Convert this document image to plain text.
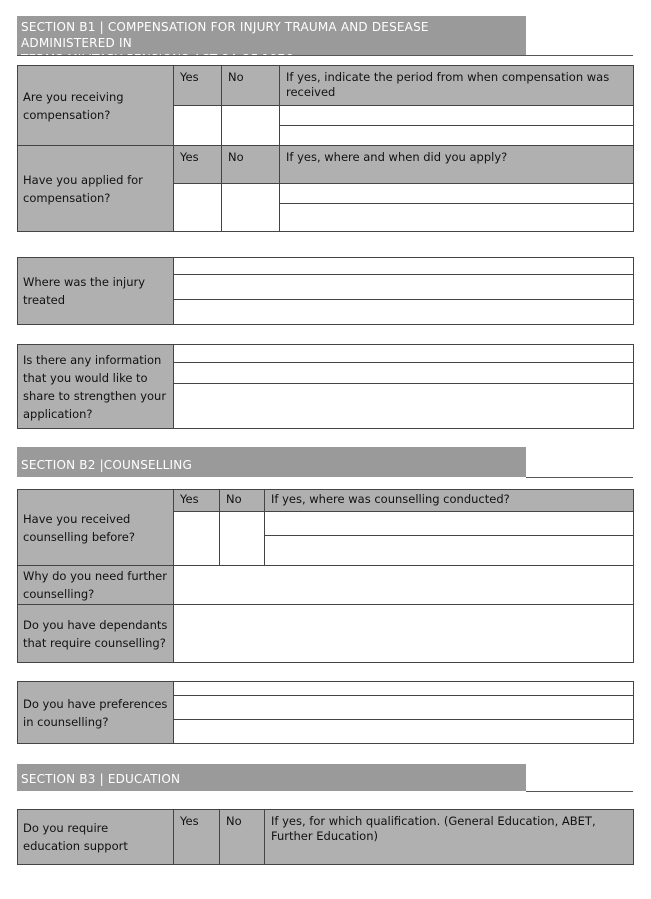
SECTION B1 | COMPENSATION FOR INJURY TRAUMA AND DESEASE ADMINISTERED IN
TERMS MILITARY PENSIONS ACT 84 OF 1976
Are you receiving compensation?	Yes	No	If yes, indicate the period from when compensation was received

Have you applied for compensation?	Yes	No	If yes, where and when did you apply?

Where was the injury treated	
Is there any information that you would like to share to strengthen your application?	
SECTION B2 |COUNSELLING
Have you received counselling before?	Yes	No	If yes, where was counselling conducted?

Why do you need further counselling?	
Do you have dependants that require counselling?	
Do you have preferences in counselling?	
SECTION B3 | EDUCATION
Do you require education support	Yes	No	If yes, for which qualification. (General Education, ABET, Further Education)
